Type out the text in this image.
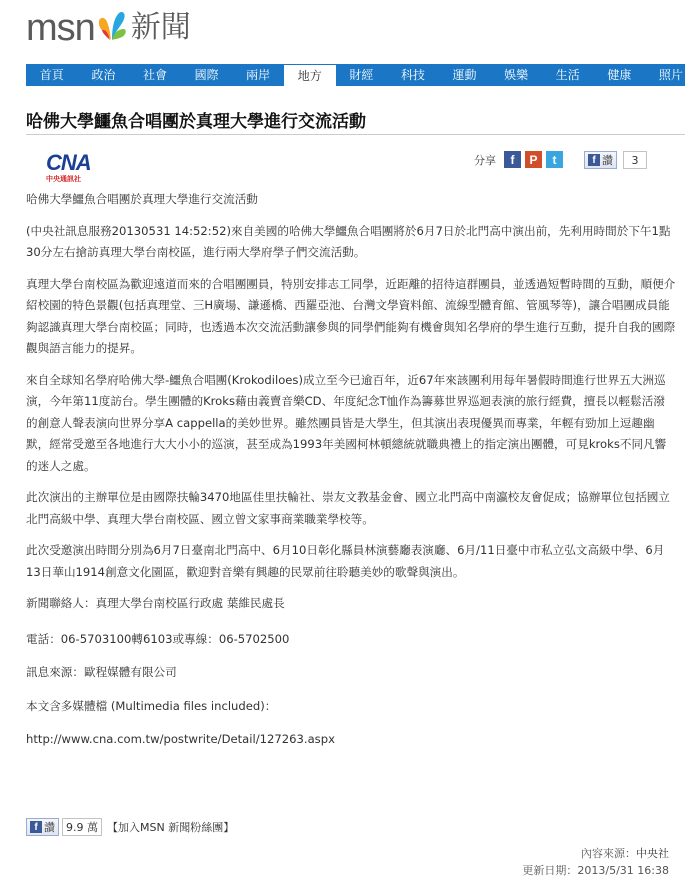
msn 新聞
首頁	政治	社會	國際	兩岸	地方	財經	科技	運動	娛樂	生活	健康	照片
哈佛大學鱷魚合唱團於真理大學進行交流活動
CNA
中央通訊社
分享	f	P	t	f 讚	3

哈佛大學鱷魚合唱團於真理大學進行交流活動

(中央社訊息服務20130531 14:52:52)來自美國的哈佛大學鱷魚合唱團將於6月7日於北門高中演出前，先利用時間於下午1點30分左右搶訪真理大學台南校區，進行兩大學府學子們交流活動。

真理大學台南校區為歡迎遠道而來的合唱團團員，特別安排志工同學，近距離的招待這群團員，並透過短暫時間的互動，順便介紹校園的特色景觀(包括真理堂、三H廣場、謙遜橋、西羅亞池、台灣文學資料館、流線型體育館、管風琴等)，讓合唱團成員能夠認識真理大學台南校區；同時，也透過本次交流活動讓參與的同學們能夠有機會與知名學府的學生進行互動，提升自我的國際觀與語言能力的提昇。

來自全球知名學府哈佛大學-鱷魚合唱團(Krokodiloes)成立至今已逾百年，近67年來該團利用每年暑假時間進行世界五大洲巡演，今年第11度訪台。學生團體的Kroks藉由義賣音樂CD、年度紀念T恤作為籌募世界巡迴表演的旅行經費，擅長以輕鬆活潑的創意人聲表演向世界分享A cappella的美妙世界。雖然團員皆是大學生，但其演出表現優異而專業，年輕有勁加上逗趣幽默，經常受邀至各地進行大大小小的巡演，甚至成為1993年美國柯林頓總統就職典禮上的指定演出團體，可見kroks不同凡響的迷人之處。

此次演出的主辦單位是由國際扶輪3470地區佳里扶輪社、崇友文教基金會、國立北門高中南瀛校友會促成；協辦單位包括國立北門高級中學、真理大學台南校區、國立曾文家事商業職業學校等。

此次受邀演出時間分別為6月7日臺南北門高中、6月10日彰化縣員林演藝廳表演廳、6月/11日臺中市私立弘文高級中學、6月13日華山1914創意文化園區，歡迎對音樂有興趣的民眾前往聆聽美妙的歌聲與演出。

新聞聯絡人：真理大學台南校區行政處 葉維民處長

電話：06-5703100轉6103或專線：06-5702500

訊息來源：歐程媒體有限公司

本文含多媒體檔 (Multimedia files included)：

http://www.cna.com.tw/postwrite/Detail/127263.aspx

f 讚	9.9 萬 【加入MSN 新聞粉絲團】
內容來源：中央社
更新日期：2013/5/31 16:38
